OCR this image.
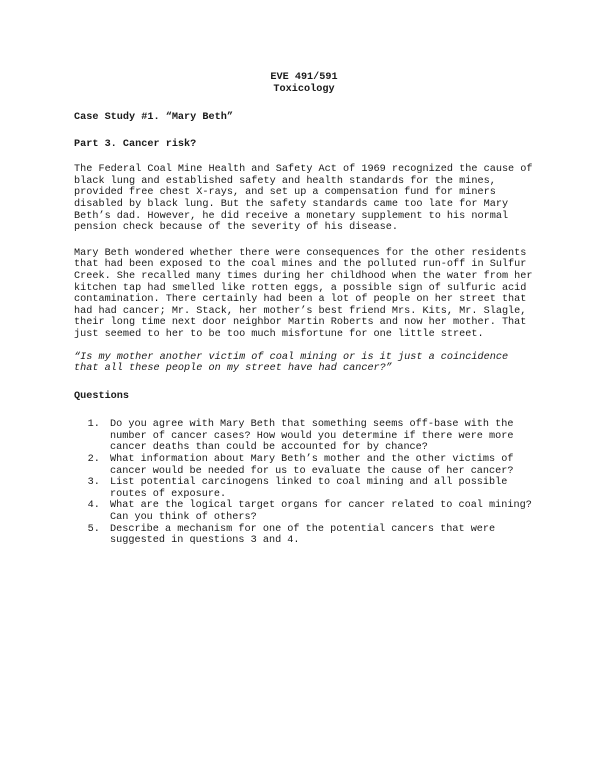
EVE 491/591
Toxicology
Case Study #1. “Mary Beth”
Part 3. Cancer risk?

The Federal Coal Mine Health and Safety Act of 1969 recognized the cause of black lung and established safety and health standards for the mines, provided free chest X-rays, and set up a compensation fund for miners disabled by black lung. But the safety standards came too late for Mary Beth’s dad. However, he did receive a monetary supplement to his normal pension check because of the severity of his disease.

Mary Beth wondered whether there were consequences for the other residents that had been exposed to the coal mines and the polluted run-off in Sulfur Creek. She recalled many times during her childhood when the water from her kitchen tap had smelled like rotten eggs, a possible sign of sulfuric acid contamination. There certainly had been a lot of people on her street that had had cancer; Mr. Stack, her mother’s best friend Mrs. Kits, Mr. Slagle, their long time next door neighbor Martin Roberts and now her mother. That just seemed to her to be too much misfortune for one little street.

“Is my mother another victim of coal mining or is it just a coincidence that all these people on my street have had cancer?”

Questions
1. Do you agree with Mary Beth that something seems off-base with the number of cancer cases? How would you determine if there were more cancer deaths than could be accounted for by chance?
2. What information about Mary Beth’s mother and the other victims of cancer would be needed for us to evaluate the cause of her cancer?
3. List potential carcinogens linked to coal mining and all possible routes of exposure.
4. What are the logical target organs for cancer related to coal mining? Can you think of others?
5. Describe a mechanism for one of the potential cancers that were suggested in questions 3 and 4.
